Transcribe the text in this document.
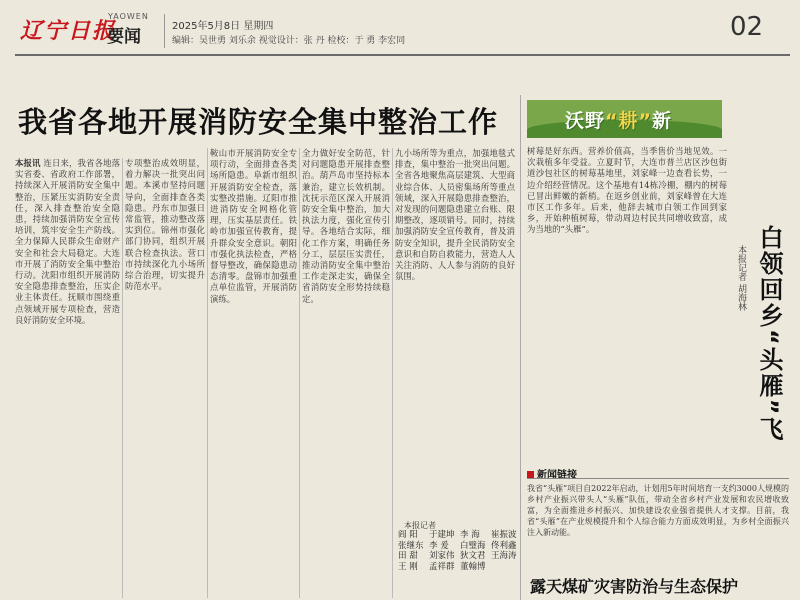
辽宁日报
YAOWEN
要闻
2025年5月8日 星期四
编辑：吴世勇 刘乐余 视觉设计：张 丹 检校：于 勇 李宏同	02
我省各地开展消防安全集中整治工作
本报讯 连日来，我省各地落实省委、省政府工作部署，持续深入开展消防安全集中整治，压紧压实消防安全责任，深入排查整治安全隐患，持续加强消防安全宣传培训，筑牢安全生产防线。全力保障人民群众生命财产安全和社会大局稳定。大连市开展了消防安全集中整治行动。沈阳市组织开展消防安全隐患排查整治，压实企业主体责任。抚顺市围绕重点领域开展专项检查，营造良好消防安全环境。
专项整治成效明显，着力解决一批突出问题。本溪市坚持问题导向，全面排查各类隐患。丹东市加强日常监管，推动整改落实到位。锦州市强化部门协同，组织开展联合检查执法。营口市持续深化九小场所综合治理，切实提升防范水平。
鞍山市开展消防安全专项行动，全面排查各类场所隐患。阜新市组织开展消防安全检查，落实整改措施。辽阳市推进消防安全网格化管理，压实基层责任。铁岭市加强宣传教育，提升群众安全意识。朝阳市强化执法检查，严格督导整改，确保隐患动态清零。盘锦市加强重点单位监管，开展消防演练。
全力做好安全防范，针对问题隐患开展排查整治。葫芦岛市坚持标本兼治，建立长效机制。沈抚示范区深入开展消防安全集中整治，加大执法力度，强化宣传引导。各地结合实际，细化工作方案，明确任务分工，层层压实责任，推动消防安全集中整治工作走深走实，确保全省消防安全形势持续稳定。
九小场所等为重点，加强地毯式排查，集中整治一批突出问题。全省各地聚焦高层建筑、大型商业综合体、人员密集场所等重点领域，深入开展隐患排查整治，对发现的问题隐患建立台账、限期整改，逐项销号。同时，持续加强消防安全宣传教育，普及消防安全知识，提升全民消防安全意识和自防自救能力，营造人人关注消防、人人参与消防的良好氛围。
本报记者
阎 阳	于建坤 李 海	崔振波
张继东 李 爰	白璧海 佟利鑫
田 甜	刘家伟 狄文君 王海涛
王 刚	孟祥群 董翰博
沃野“耕”新
树莓是好东西。营养价值高，当季售价当地见效。一次栽植多年受益。立夏时节，大连市普兰店区沙包街道沙包社区的树莓基地里，刘家峰一边查看长势，一边介绍经营情况。这个基地有14栋冷棚，棚内的树莓已冒出鲜嫩的新梢。在返乡创业前，刘家峰曾在大连市区工作多年。后来，他辞去城市白领工作回到家乡，开始种植树莓，带动周边村民共同增收致富，成为当地的“头雁”。
本报记者 胡海林 白领回乡“头雁”飞
新闻链接
我省“头雁”项目自2022年启动，计划用5年时间培育一支约3000人规模的乡村产业振兴带头人“头雁”队伍，带动全省乡村产业发展和农民增收致富，为全面推进乡村振兴、加快建设农业强省提供人才支撑。目前，我省“头雁”在产业规模提升和个人综合能力方面成效明显，为乡村全面振兴注入新动能。
露天煤矿灾害防治与生态保护
